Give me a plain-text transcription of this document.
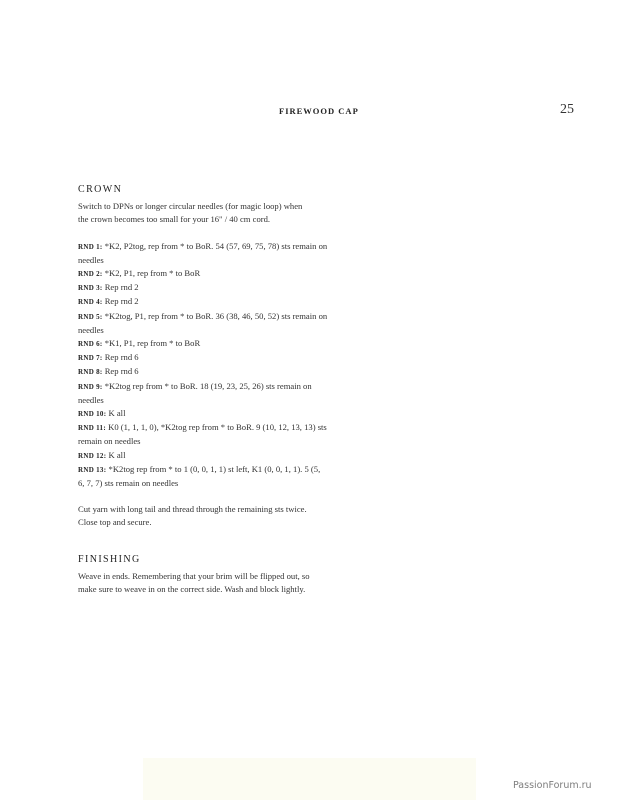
FIREWOOD CAP	25
CROWN

Switch to DPNs or longer circular needles (for magic loop) when the crown becomes too small for your 16" / 40 cm cord.

RND 1: *K2, P2tog, rep from * to BoR. 54 (57, 69, 75, 78) sts remain on needles

RND 2: *K2, P1, rep from * to BoR

RND 3: Rep rnd 2

RND 4: Rep rnd 2

RND 5: *K2tog, P1, rep from * to BoR. 36 (38, 46, 50, 52) sts remain on needles

RND 6: *K1, P1, rep from * to BoR

RND 7: Rep rnd 6

RND 8: Rep rnd 6

RND 9: *K2tog rep from * to BoR. 18 (19, 23, 25, 26) sts remain on needles

RND 10: K all

RND 11: K0 (1, 1, 1, 0), *K2tog rep from * to BoR. 9 (10, 12, 13, 13) sts remain on needles

RND 12: K all

RND 13: *K2tog rep from * to 1 (0, 0, 1, 1) st left, K1 (0, 0, 1, 1). 5 (5, 6, 7, 7) sts remain on needles

Cut yarn with long tail and thread through the remaining sts twice. Close top and secure.

FINISHING

Weave in ends. Remembering that your brim will be flipped out, so make sure to weave in on the correct side. Wash and block lightly.

PassionForum.ru
